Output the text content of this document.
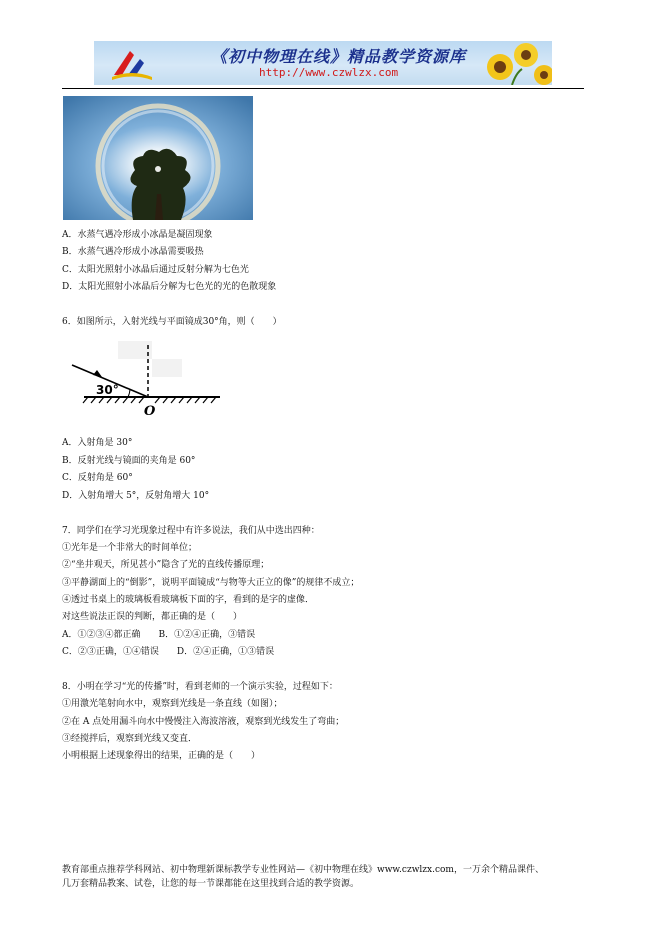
《初中物理在线》精品教学资源库
http://www.czwlzx.com
A．水蒸气遇冷形成小冰晶是凝固现象
B．水蒸气遇冷形成小冰晶需要吸热
C．太阳光照射小冰晶后通过反射分解为七色光
D．太阳光照射小冰晶后分解为七色光的光的色散现象
6．如图所示，入射光线与平面镜成30°角，则（　　）
30°
O
A．入射角是 30°
B．反射光线与镜面的夹角是 60°
C．反射角是 60°
D．入射角增大 5°，反射角增大 10°
7．同学们在学习光现象过程中有许多说法，我们从中选出四种：
①光年是一个非常大的时间单位；
②“坐井观天，所见甚小”隐含了光的直线传播原理；
③平静湖面上的“倒影”，说明平面镜成“与物等大正立的像”的规律不成立；
④透过书桌上的玻璃板看玻璃板下面的字，看到的是字的虚像．
对这些说法正误的判断，都正确的是（　　）
A．①②③④都正确 B．①②④正确，③错误
C．②③正确，①④错误 D．②④正确，①③错误
8．小明在学习“光的传播”时，看到老师的一个演示实验，过程如下：
①用激光笔射向水中，观察到光线是一条直线（如图）；
②在 A 点处用漏斗向水中慢慢注入海波溶液，观察到光线发生了弯曲；
③经搅拌后，观察到光线又变直．
小明根据上述现象得出的结果，正确的是（　　）
教育部重点推荐学科网站、初中物理新课标教学专业性网站—《初中物理在线》www.czwlzx.com，一万余个精品课件、
几万套精品教案、试卷，让您的每一节课都能在这里找到合适的教学资源。
